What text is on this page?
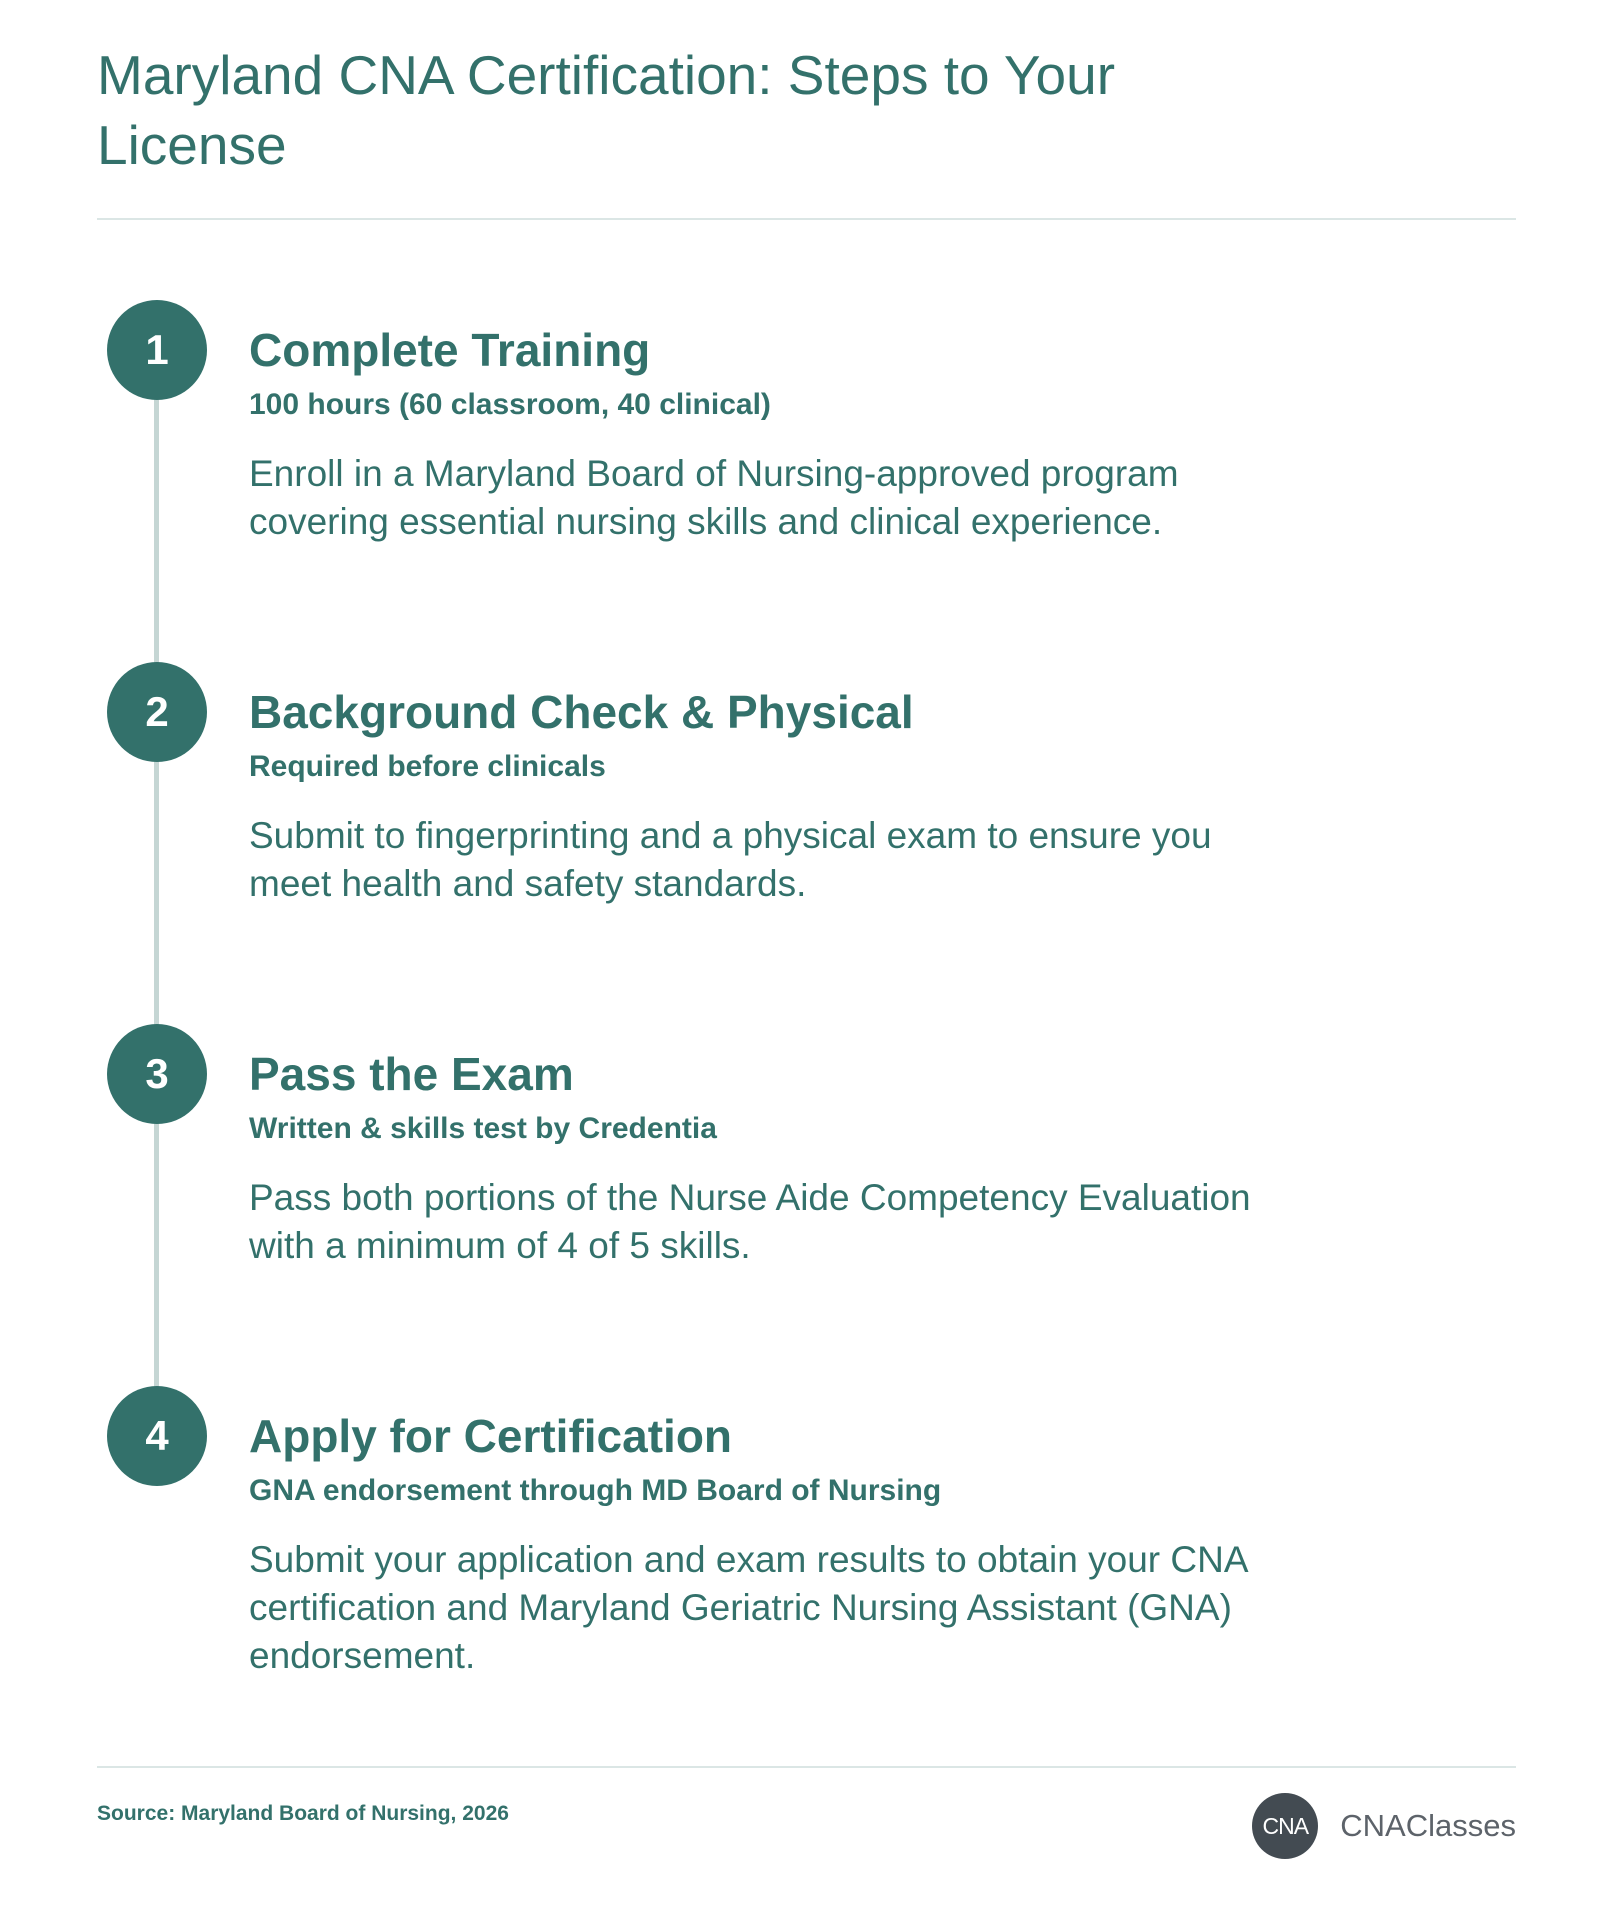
Maryland CNA Certification: Steps to Your License
1	Complete Training
100 hours (60 classroom, 40 clinical)

Enroll in a Maryland Board of Nursing-approved program covering essential nursing skills and clinical experience.

2	Background Check & Physical
Required before clinicals

Submit to fingerprinting and a physical exam to ensure you meet health and safety standards.

3	Pass the Exam
Written & skills test by Credentia

Pass both portions of the Nurse Aide Competency Evaluation with a minimum of 4 of 5 skills.

4	Apply for Certification
GNA endorsement through MD Board of Nursing

Submit your application and exam results to obtain your CNA certification and Maryland Geriatric Nursing Assistant (GNA) endorsement.

Source: Maryland Board of Nursing, 2026	CNA	CNAClasses
